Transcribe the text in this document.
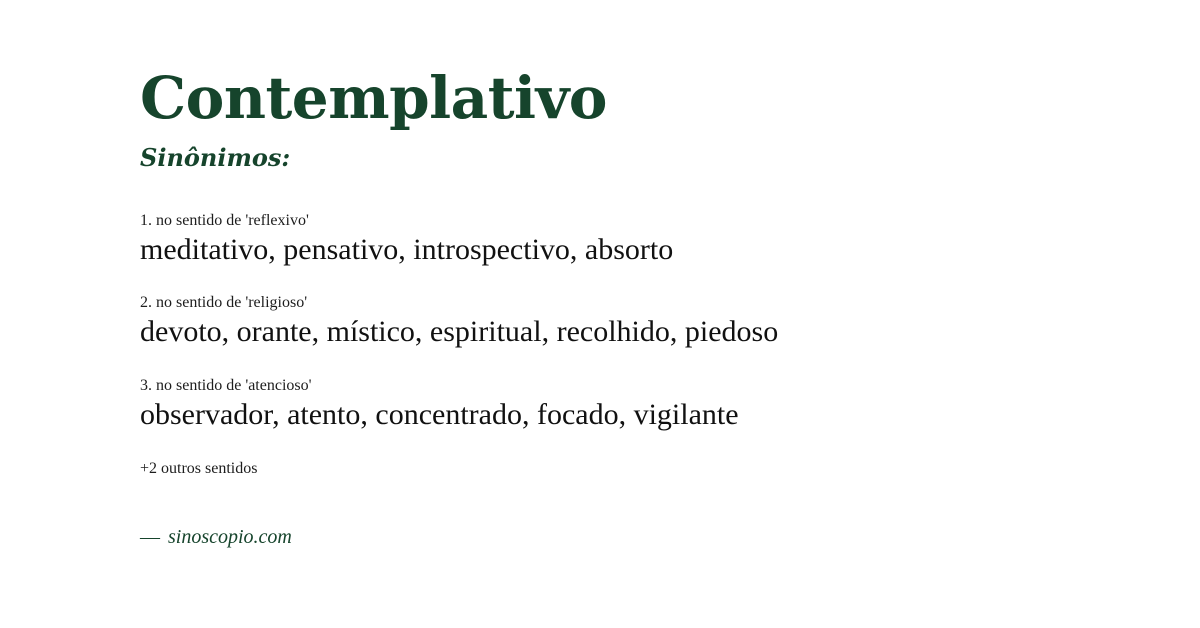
Contemplativo
Sinônimos:
1. no sentido de 'reflexivo'
meditativo, pensativo, introspectivo, absorto
2. no sentido de 'religioso'
devoto, orante, místico, espiritual, recolhido, piedoso
3. no sentido de 'atencioso'
observador, atento, concentrado, focado, vigilante
+2 outros sentidos
— sinoscopio.com
